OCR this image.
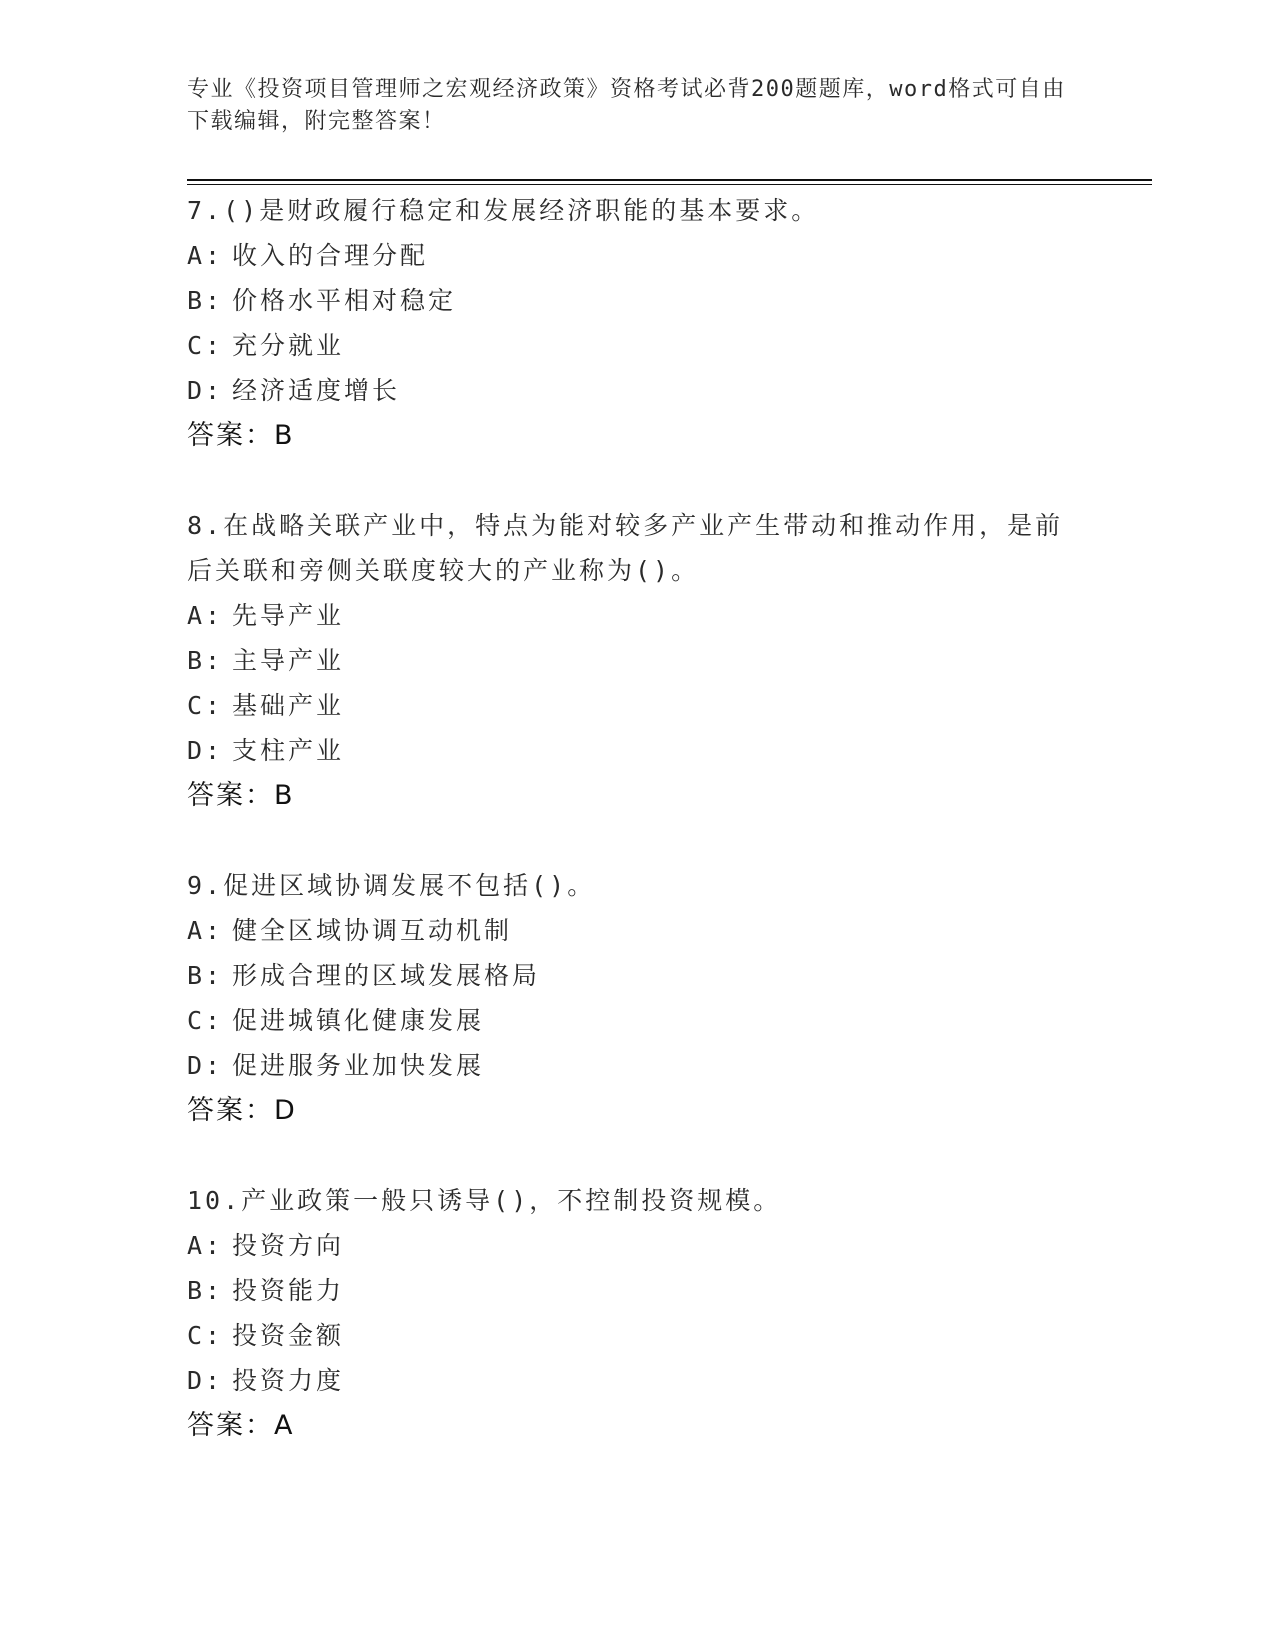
专业《投资项目管理师之宏观经济政策》资格考试必背200题题库，word格式可自由下载编辑，附完整答案！
7.()是财政履行稳定和发展经济职能的基本要求。
A: 收入的合理分配
B: 价格水平相对稳定
C: 充分就业
D: 经济适度增长
答案：B
8.在战略关联产业中，特点为能对较多产业产生带动和推动作用，是前后关联和旁侧关联度较大的产业称为()。
A: 先导产业
B: 主导产业
C: 基础产业
D: 支柱产业
答案：B
9.促进区域协调发展不包括()。
A: 健全区域协调互动机制
B: 形成合理的区域发展格局
C: 促进城镇化健康发展
D: 促进服务业加快发展
答案：D
10.产业政策一般只诱导()，不控制投资规模。
A: 投资方向
B: 投资能力
C: 投资金额
D: 投资力度
答案：A
